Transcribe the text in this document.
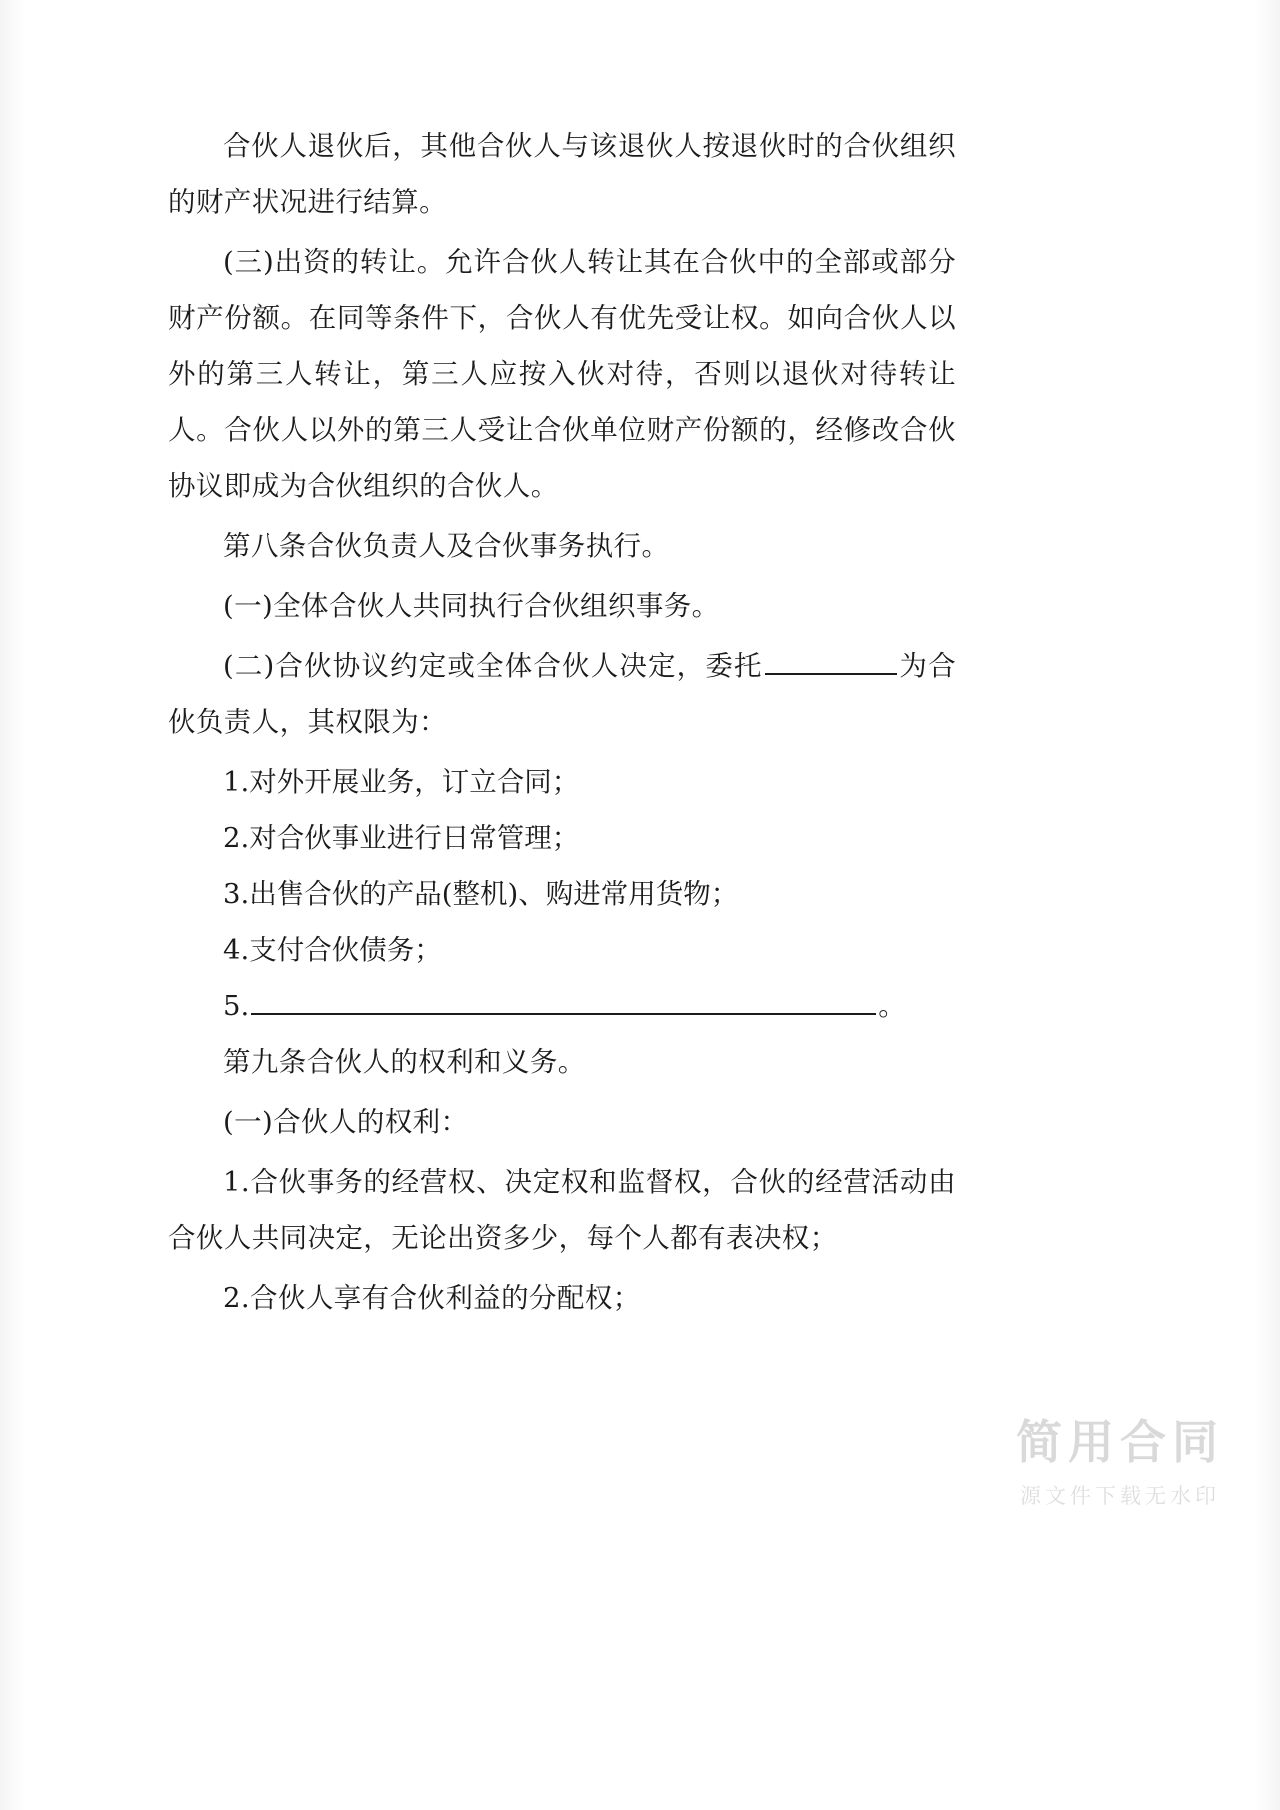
合伙人退伙后，其他合伙人与该退伙人按退伙时的合伙组织的财产状况进行结算。

(三)出资的转让。允许合伙人转让其在合伙中的全部或部分财产份额。在同等条件下，合伙人有优先受让权。如向合伙人以外的第三人转让，第三人应按入伙对待，否则以退伙对待转让人。合伙人以外的第三人受让合伙单位财产份额的，经修改合伙协议即成为合伙组织的合伙人。

第八条合伙负责人及合伙事务执行。

(一)全体合伙人共同执行合伙组织事务。

(二)合伙协议约定或全体合伙人决定，委托	为合伙负责人，其权限为：

1.对外开展业务，订立合同；

2.对合伙事业进行日常管理；

3.出售合伙的产品(整机)、购进常用货物；

4.支付合伙债务；

5.	。

第九条合伙人的权利和义务。

(一)合伙人的权利：

1.合伙事务的经营权、决定权和监督权，合伙的经营活动由合伙人共同决定，无论出资多少，每个人都有表决权；

2.合伙人享有合伙利益的分配权；

简用合同
源文件下载无水印
